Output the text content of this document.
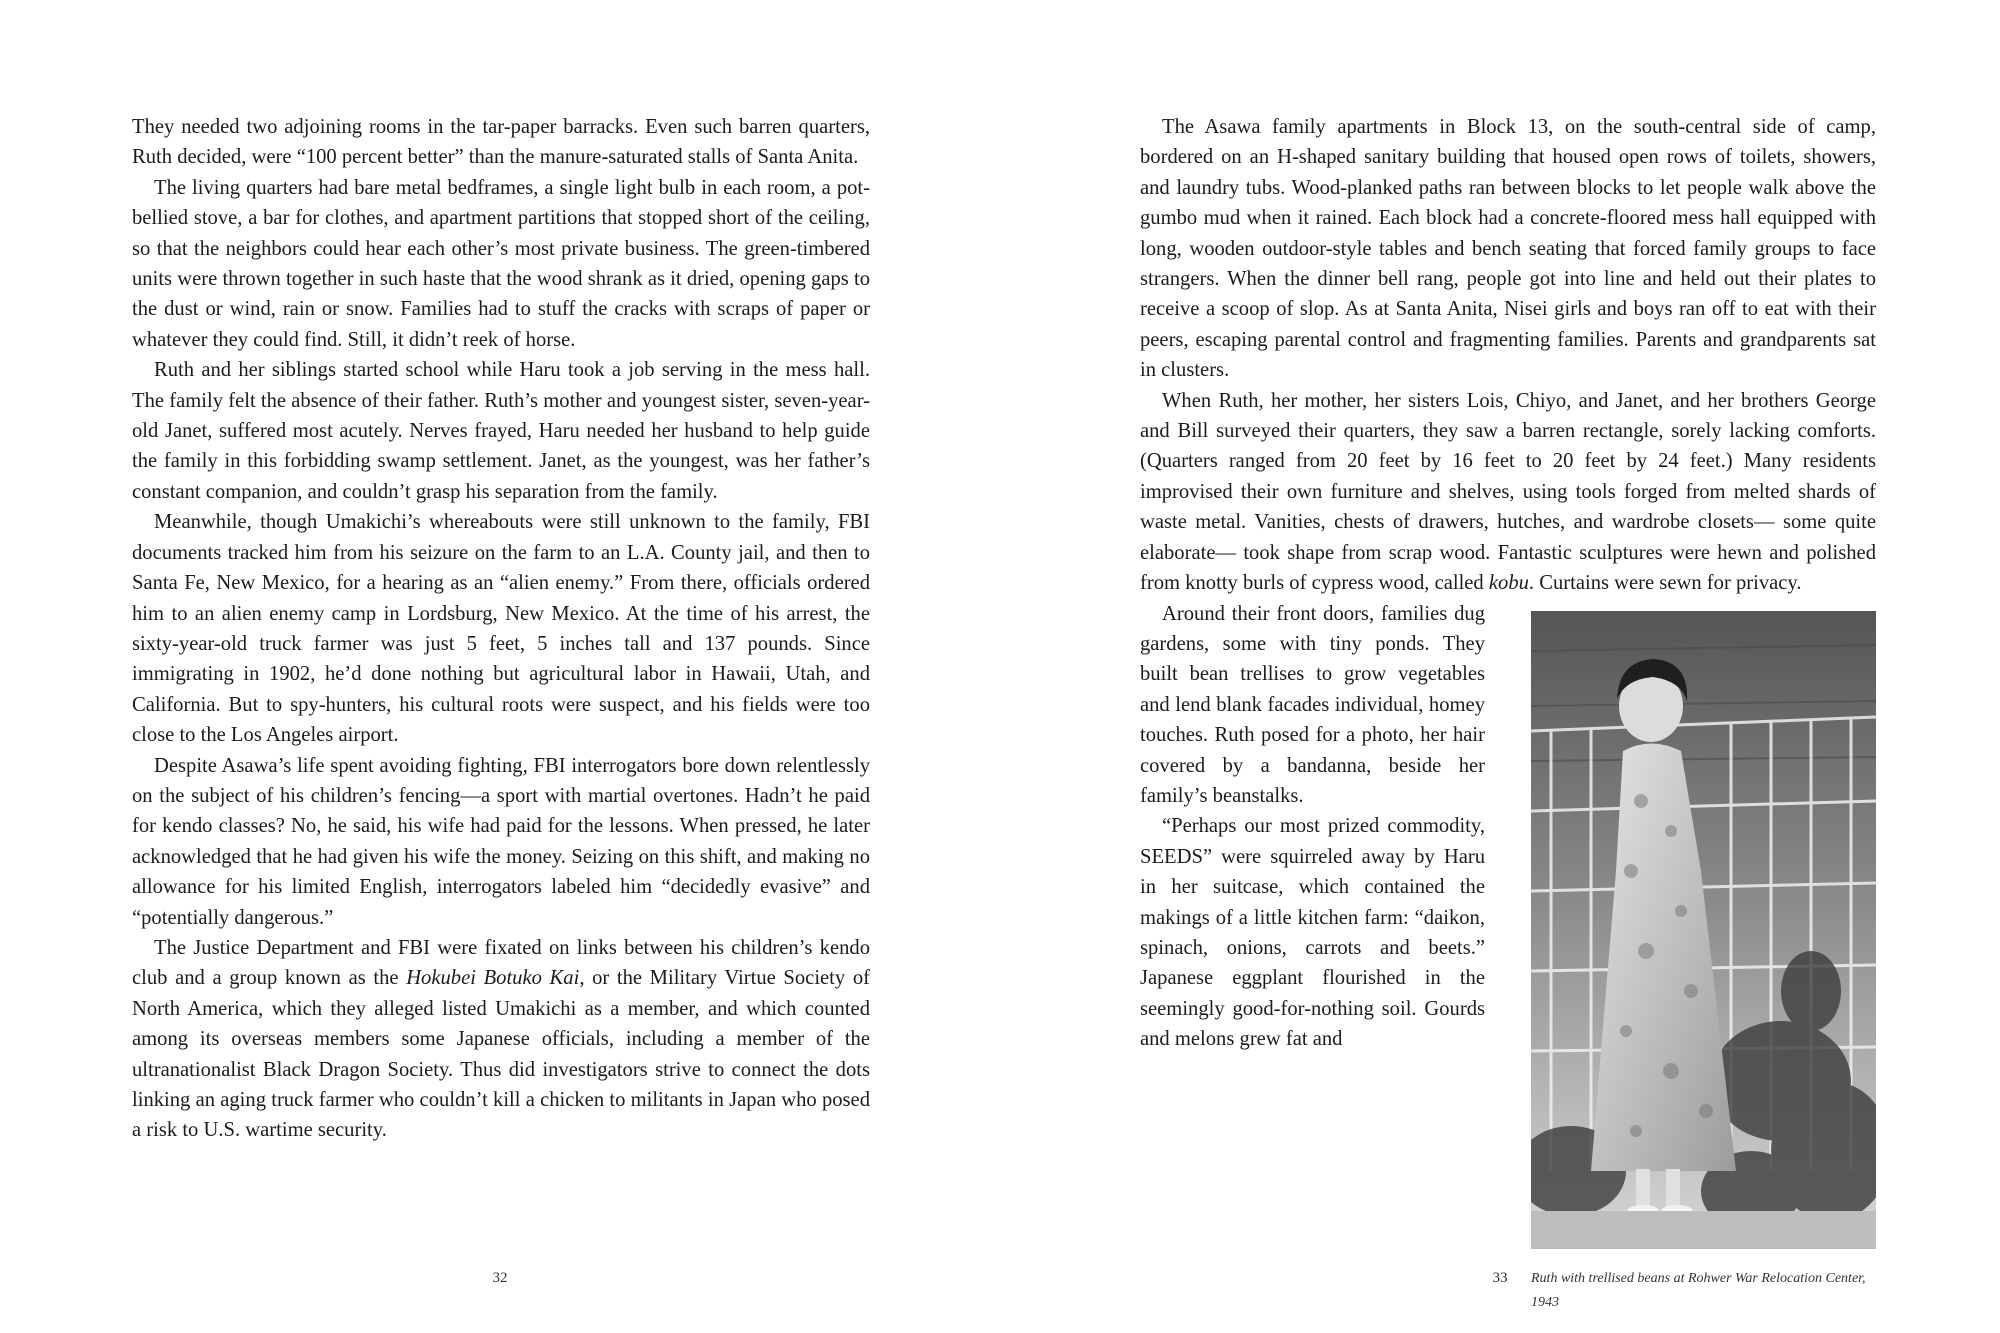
They needed two adjoining rooms in the tar-paper barracks. Even such barren quarters, Ruth decided, were “100 percent better” than the manure-saturated stalls of Santa Anita.

The living quarters had bare metal bedframes, a single light bulb in each room, a pot-bellied stove, a bar for clothes, and apartment partitions that stopped short of the ceiling, so that the neighbors could hear each other’s most private business. The green-timbered units were thrown together in such haste that the wood shrank as it dried, opening gaps to the dust or wind, rain or snow. Families had to stuff the cracks with scraps of paper or whatever they could find. Still, it didn’t reek of horse.

Ruth and her siblings started school while Haru took a job serving in the mess hall. The family felt the absence of their father. Ruth’s mother and youngest sister, seven-year-old Janet, suffered most acutely. Nerves frayed, Haru needed her husband to help guide the family in this forbidding swamp settlement. Janet, as the youngest, was her father’s constant companion, and couldn’t grasp his separation from the family.

Meanwhile, though Umakichi’s whereabouts were still unknown to the family, FBI documents tracked him from his seizure on the farm to an L.A. County jail, and then to Santa Fe, New Mexico, for a hearing as an “alien enemy.” From there, officials ordered him to an alien enemy camp in Lordsburg, New Mexico. At the time of his arrest, the sixty-year-old truck farmer was just 5 feet, 5 inches tall and 137 pounds. Since immigrating in 1902, he’d done nothing but agricultural labor in Hawaii, Utah, and California. But to spy-hunters, his cultural roots were suspect, and his fields were too close to the Los Angeles airport.

Despite Asawa’s life spent avoiding fighting, FBI interrogators bore down relentlessly on the subject of his children’s fencing—a sport with martial overtones. Hadn’t he paid for kendo classes? No, he said, his wife had paid for the lessons. When pressed, he later acknowledged that he had given his wife the money. Seizing on this shift, and making no allowance for his limited English, interrogators labeled him “decidedly evasive” and “potentially dangerous.”

The Justice Department and FBI were fixated on links between his children’s kendo club and a group known as the Hokubei Botuko Kai, or the Military Virtue Society of North America, which they alleged listed Umakichi as a member, and which counted among its overseas members some Japanese officials, including a member of the ultranationalist Black Dragon Society. Thus did investigators strive to connect the dots linking an aging truck farmer who couldn’t kill a chicken to militants in Japan who posed a risk to U.S. wartime security.

32

The Asawa family apartments in Block 13, on the south-central side of camp, bordered on an H-shaped sanitary building that housed open rows of toilets, showers, and laundry tubs. Wood-planked paths ran between blocks to let people walk above the gumbo mud when it rained. Each block had a concrete-floored mess hall equipped with long, wooden outdoor-style tables and bench seating that forced family groups to face strangers. When the dinner bell rang, people got into line and held out their plates to receive a scoop of slop. As at Santa Anita, Nisei girls and boys ran off to eat with their peers, escaping parental control and fragmenting families. Parents and grandparents sat in clusters.

When Ruth, her mother, her sisters Lois, Chiyo, and Janet, and her brothers George and Bill surveyed their quarters, they saw a barren rectangle, sorely lacking comforts. (Quarters ranged from 20 feet by 16 feet to 20 feet by 24 feet.) Many residents improvised their own furniture and shelves, using tools forged from melted shards of waste metal. Vanities, chests of drawers, hutches, and wardrobe closets— some quite elaborate— took shape from scrap wood. Fantastic sculptures were hewn and polished from knotty burls of cypress wood, called kobu. Curtains were sewn for privacy.

Ruth with trellised beans at Rohwer War Relocation Center, 1943

Around their front doors, families dug gardens, some with tiny ponds. They built bean trellises to grow vegetables and lend blank facades individual, homey touches. Ruth posed for a photo, her hair covered by a bandanna, beside her family’s beanstalks.

“Perhaps our most prized commodity, SEEDS” were squirreled away by Haru in her suitcase, which contained the makings of a little kitchen farm: “daikon, spinach, onions, carrots and beets.” Japanese eggplant flourished in the seemingly good-for-nothing soil. Gourds and melons grew fat and

33
